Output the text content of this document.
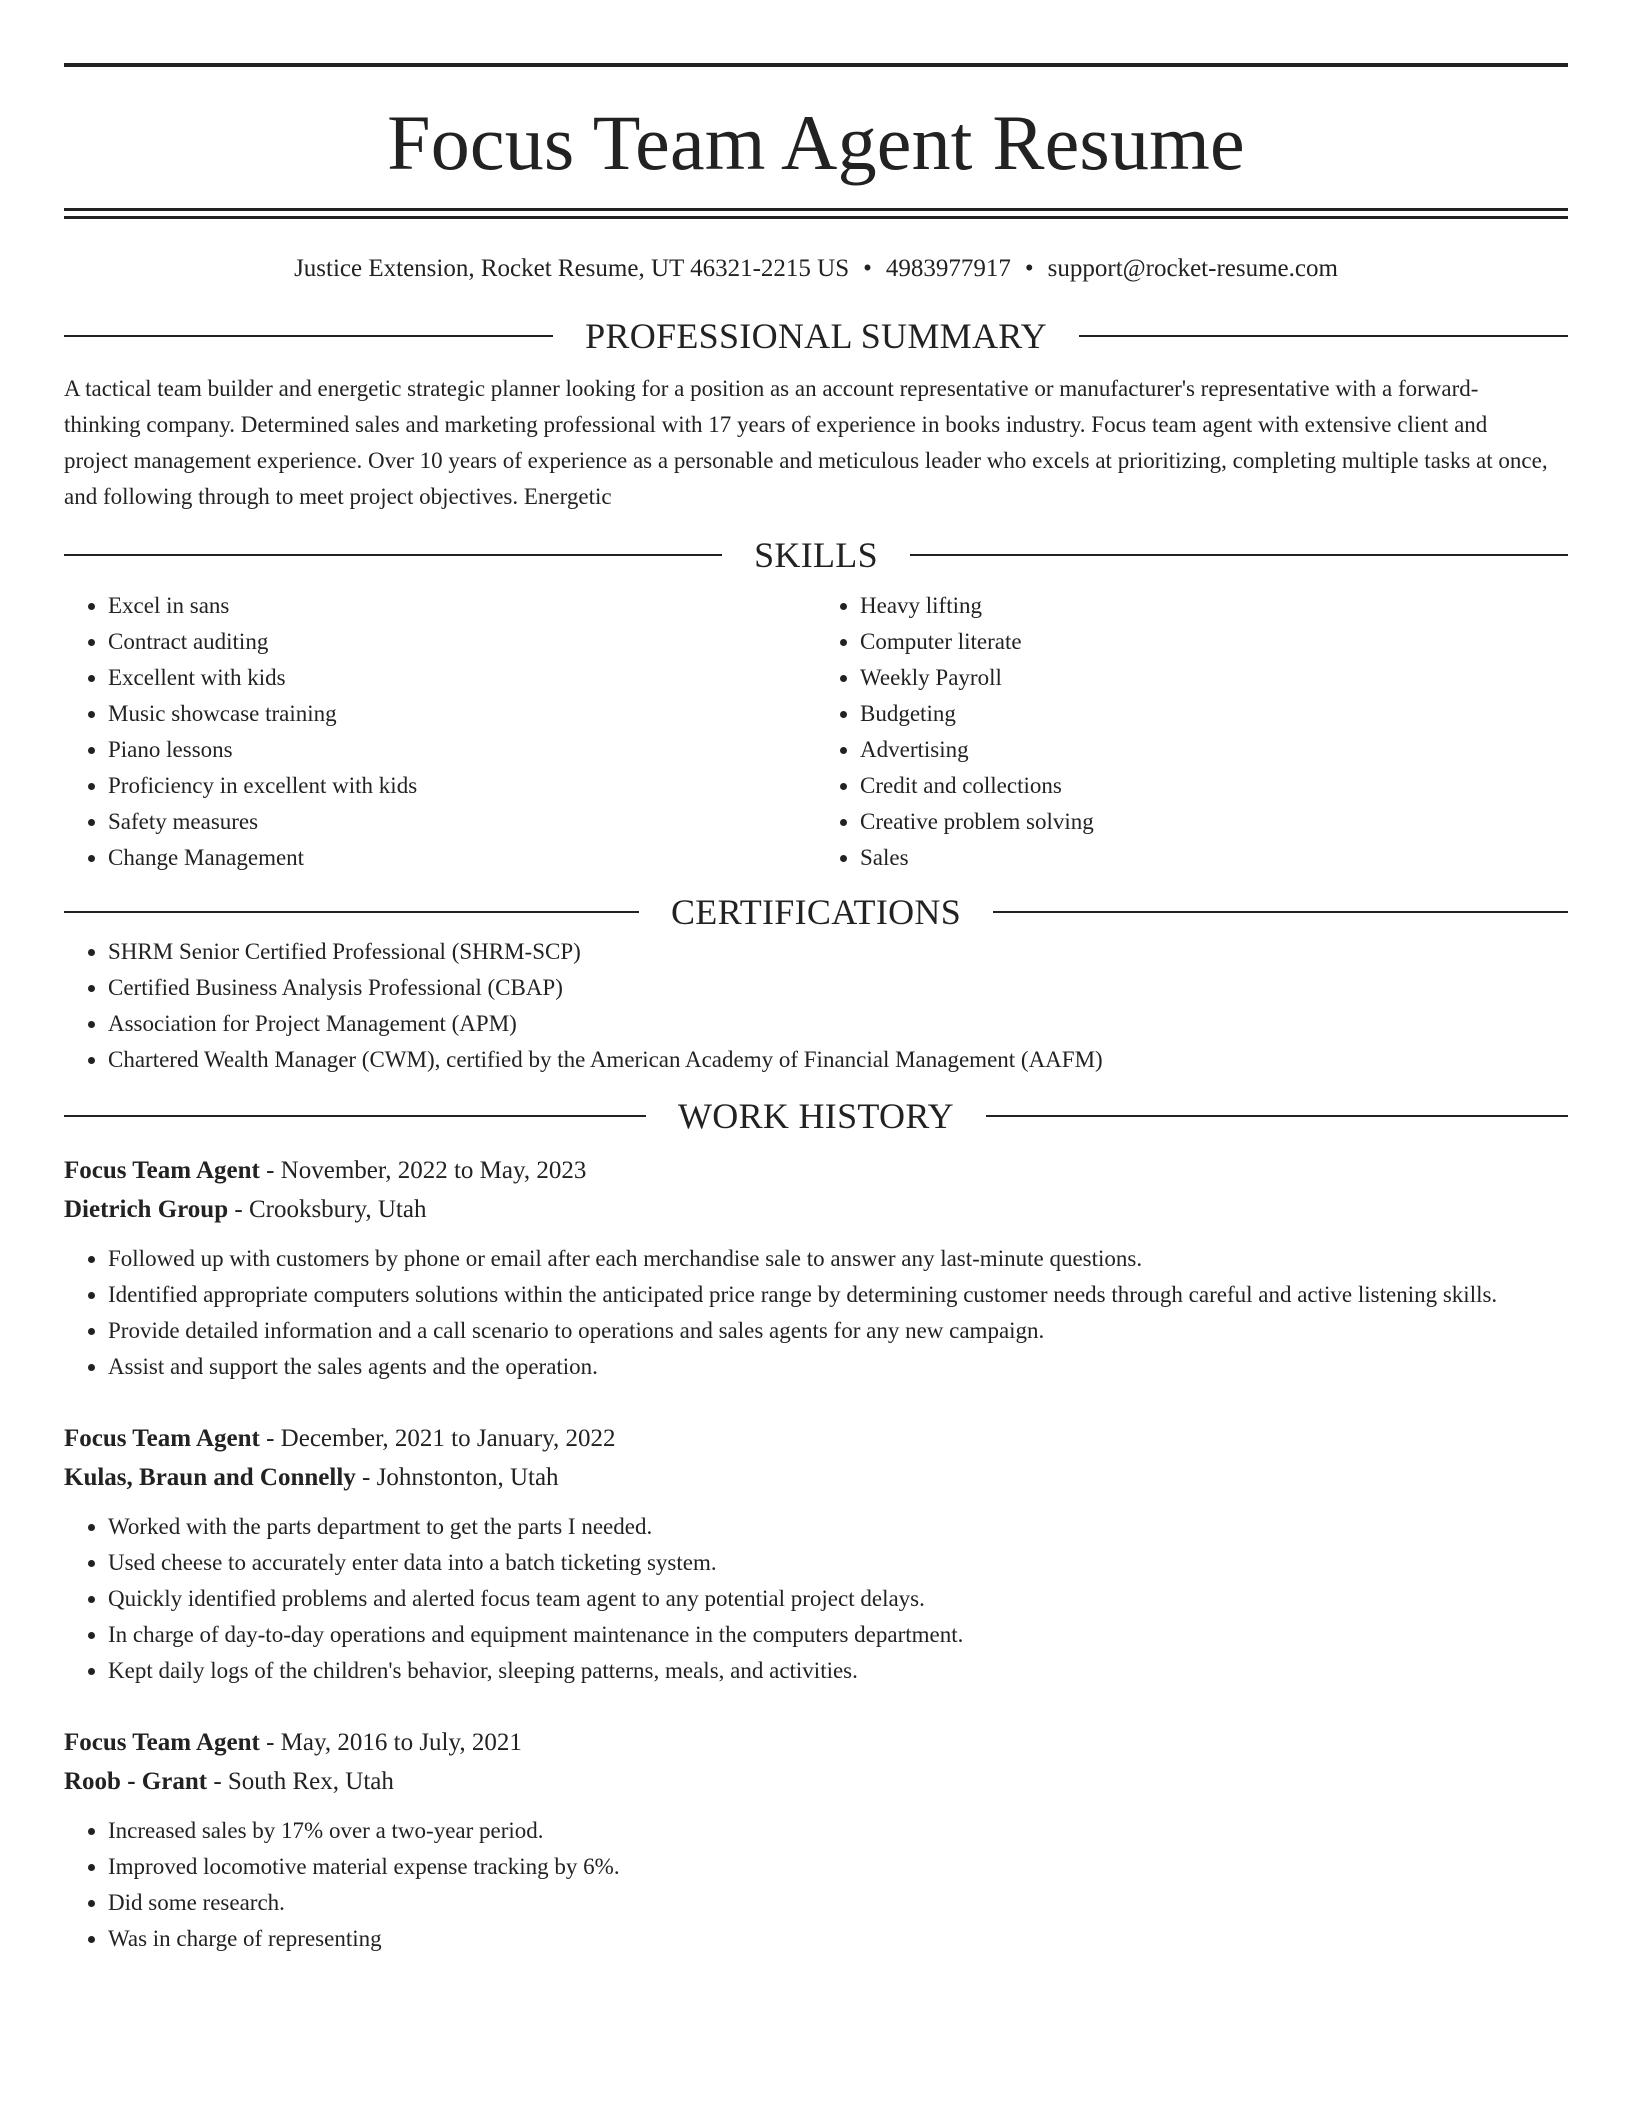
Focus Team Agent Resume
Justice Extension, Rocket Resume, UT 46321-2215 US • 4983977917 • support@rocket-resume.com
PROFESSIONAL SUMMARY
A tactical team builder and energetic strategic planner looking for a position as an account representative or manufacturer's representative with a forward-thinking company. Determined sales and marketing professional with 17 years of experience in books industry. Focus team agent with extensive client and project management experience. Over 10 years of experience as a personable and meticulous leader who excels at prioritizing, completing multiple tasks at once, and following through to meet project objectives. Energetic
SKILLS
• Excel in sans
• Contract auditing
• Excellent with kids
• Music showcase training
• Piano lessons
• Proficiency in excellent with kids
• Safety measures
• Change Management
• Heavy lifting
• Computer literate
• Weekly Payroll
• Budgeting
• Advertising
• Credit and collections
• Creative problem solving
• Sales
CERTIFICATIONS
• SHRM Senior Certified Professional (SHRM-SCP)
• Certified Business Analysis Professional (CBAP)
• Association for Project Management (APM)
• Chartered Wealth Manager (CWM), certified by the American Academy of Financial Management (AAFM)
WORK HISTORY
Focus Team Agent - November, 2022 to May, 2023
Dietrich Group - Crooksbury, Utah
• Followed up with customers by phone or email after each merchandise sale to answer any last-minute questions.
• Identified appropriate computers solutions within the anticipated price range by determining customer needs through careful and active listening skills.
• Provide detailed information and a call scenario to operations and sales agents for any new campaign.
• Assist and support the sales agents and the operation.
Focus Team Agent - December, 2021 to January, 2022
Kulas, Braun and Connelly - Johnstonton, Utah
• Worked with the parts department to get the parts I needed.
• Used cheese to accurately enter data into a batch ticketing system.
• Quickly identified problems and alerted focus team agent to any potential project delays.
• In charge of day-to-day operations and equipment maintenance in the computers department.
• Kept daily logs of the children's behavior, sleeping patterns, meals, and activities.
Focus Team Agent - May, 2016 to July, 2021
Roob - Grant - South Rex, Utah
• Increased sales by 17% over a two-year period.
• Improved locomotive material expense tracking by 6%.
• Did some research.
• Was in charge of representing
